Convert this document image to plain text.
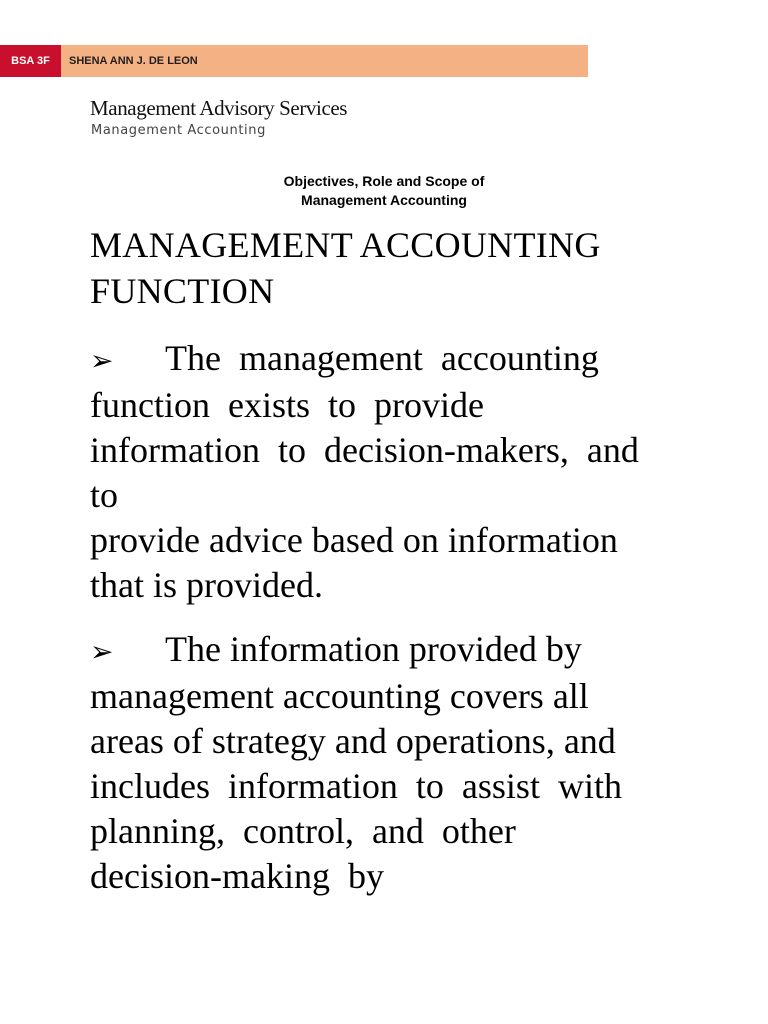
BSA 3F	SHENA ANN J. DE LEON
Management Advisory Services
Management Accounting
Objectives, Role and Scope of
Management Accounting
MANAGEMENT ACCOUNTING
FUNCTION
➢ The  management  accounting
function  exists  to  provide
information  to  decision-makers,  and
to
provide advice based on information
that is provided.
➢ The information provided by
management accounting covers all
areas of strategy and operations, and
includes  information  to  assist  with
planning,  control,  and  other
decision-making  by
